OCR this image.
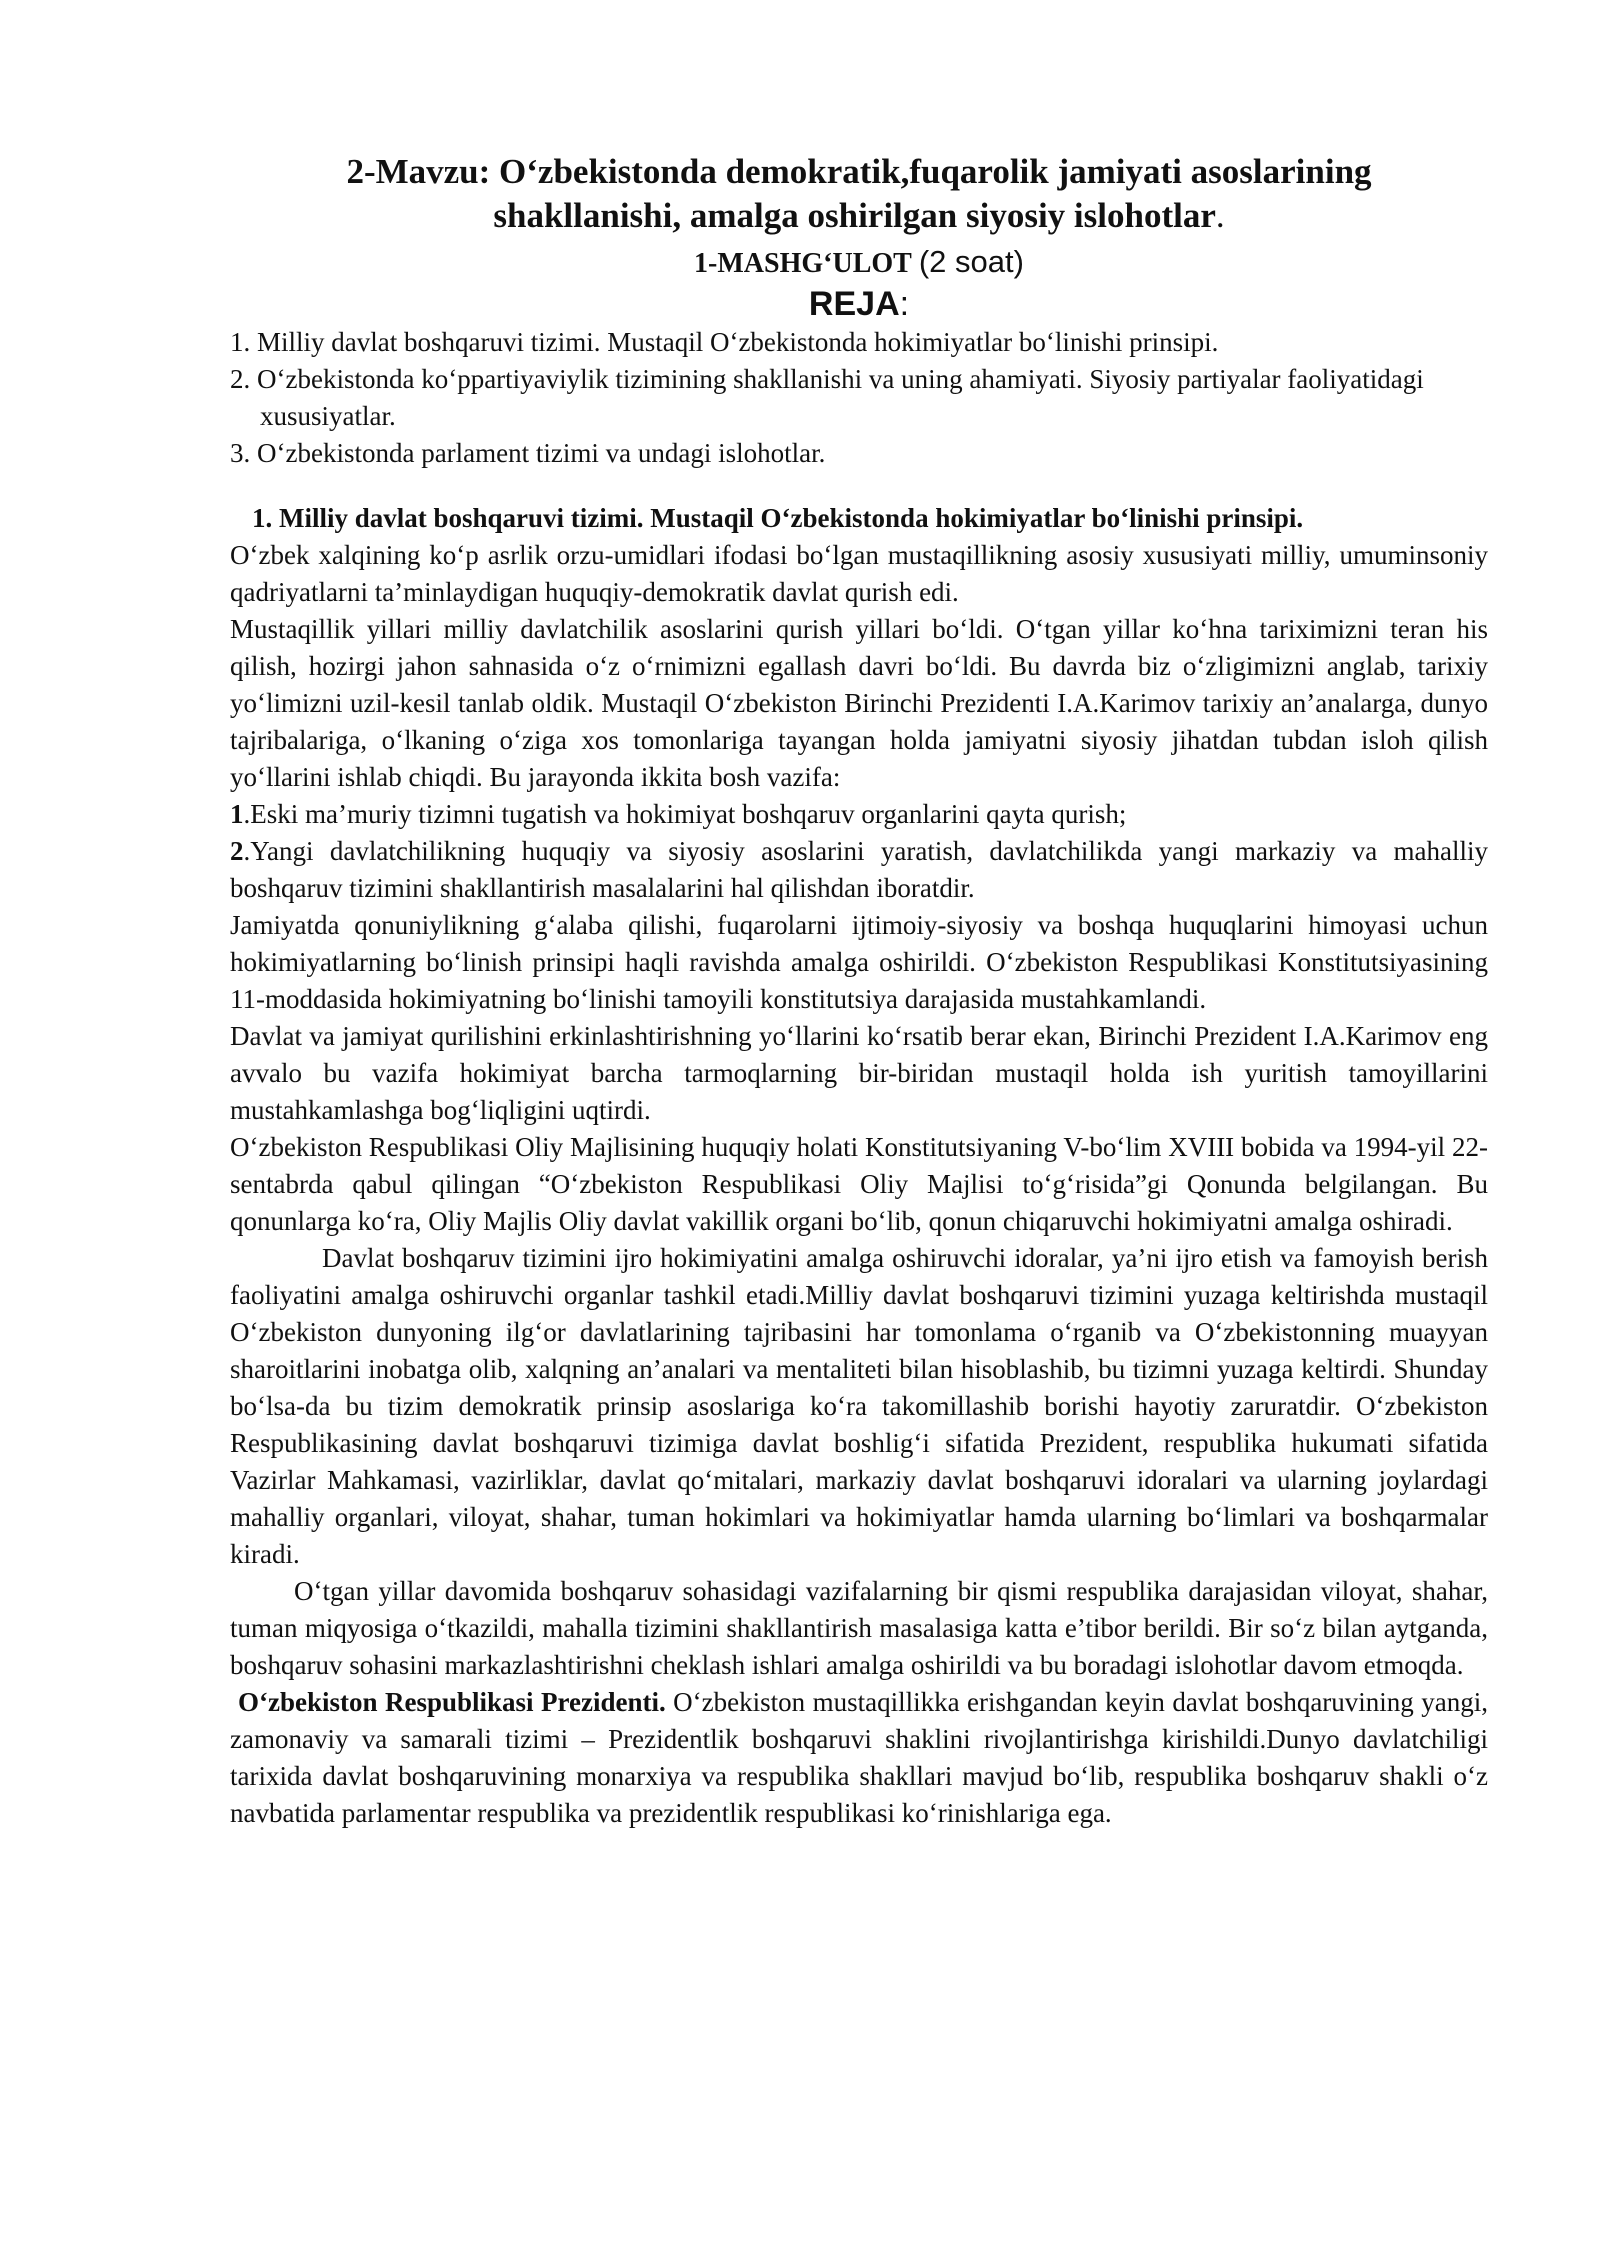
2-Mavzu: O‘zbekistonda demokratik,fuqarolik jamiyati asoslarining shakllanishi, amalga oshirilgan siyosiy islohotlar.
1-MASHG‘ULOT (2 soat)
REJA:
1. Milliy davlat boshqaruvi tizimi. Mustaqil O‘zbekistonda hokimiyatlar bo‘linishi prinsipi.
2. O‘zbekistonda ko‘ppartiyaviylik tizimining shakllanishi va uning ahamiyati. Siyosiy partiyalar faoliyatidagi xususiyatlar.
3. O‘zbekistonda parlament tizimi va undagi islohotlar.

1. Milliy davlat boshqaruvi tizimi. Mustaqil O‘zbekistonda hokimiyatlar bo‘linishi prinsipi.

O‘zbek xalqining ko‘p asrlik orzu-umidlari ifodasi bo‘lgan mustaqillikning asosiy xususiyati milliy, umuminsoniy qadriyatlarni ta’minlaydigan huquqiy-demokratik davlat qurish edi.

Mustaqillik yillari milliy davlatchilik asoslarini qurish yillari bo‘ldi. O‘tgan yillar ko‘hna tariximizni teran his qilish, hozirgi jahon sahnasida o‘z o‘rnimizni egallash davri bo‘ldi. Bu davrda biz o‘zligimizni anglab, tarixiy yo‘limizni uzil-kesil tanlab oldik. Mustaqil O‘zbekiston Birinchi Prezidenti I.A.Karimov tarixiy an’analarga, dunyo tajribalariga, o‘lkaning o‘ziga xos tomonlariga tayangan holda jamiyatni siyosiy jihatdan tubdan isloh qilish yo‘llarini ishlab chiqdi. Bu jarayonda ikkita bosh vazifa:

1.Eski ma’muriy tizimni tugatish va hokimiyat boshqaruv organlarini qayta qurish;

2.Yangi davlatchilikning huquqiy va siyosiy asoslarini yaratish, davlatchilikda yangi markaziy va mahalliy boshqaruv tizimini shakllantirish masalalarini hal qilishdan iboratdir.

Jamiyatda qonuniylikning g‘alaba qilishi, fuqarolarni ijtimoiy-siyosiy va boshqa huquqlarini himoyasi uchun hokimiyatlarning bo‘linish prinsipi haqli ravishda amalga oshirildi. O‘zbekiston Respublikasi Konstitutsiyasining 11-moddasida hokimiyatning bo‘linishi tamoyili konstitutsiya darajasida mustahkamlandi.

Davlat va jamiyat qurilishini erkinlashtirishning yo‘llarini ko‘rsatib berar ekan, Birinchi Prezident I.A.Karimov eng avvalo bu vazifa hokimiyat barcha tarmoqlarning bir-biridan mustaqil holda ish yuritish tamoyillarini mustahkamlashga bog‘liqligini uqtirdi.

O‘zbekiston Respublikasi Oliy Majlisining huquqiy holati Konstitutsiyaning V-bo‘lim XVIII bobida va 1994-yil 22-sentabrda qabul qilingan “O‘zbekiston Respublikasi Oliy Majlisi to‘g‘risida”gi Qonunda belgilangan. Bu qonunlarga ko‘ra, Oliy Majlis Oliy davlat vakillik organi bo‘lib, qonun chiqaruvchi hokimiyatni amalga oshiradi.

Davlat boshqaruv tizimini ijro hokimiyatini amalga oshiruvchi idoralar, ya’ni ijro etish va famoyish berish faoliyatini amalga oshiruvchi organlar tashkil etadi.Milliy davlat boshqaruvi tizimini yuzaga keltirishda mustaqil O‘zbekiston dunyoning ilg‘or davlatlarining tajribasini har tomonlama o‘rganib va O‘zbekistonning muayyan sharoitlarini inobatga olib, xalqning an’analari va mentaliteti bilan hisoblashib, bu tizimni yuzaga keltirdi. Shunday bo‘lsa-da bu tizim demokratik prinsip asoslariga ko‘ra takomillashib borishi hayotiy zaruratdir. O‘zbekiston Respublikasining davlat boshqaruvi tizimiga davlat boshlig‘i sifatida Prezident, respublika hukumati sifatida Vazirlar Mahkamasi, vazirliklar, davlat qo‘mitalari, markaziy davlat boshqaruvi idoralari va ularning joylardagi mahalliy organlari, viloyat, shahar, tuman hokimlari va hokimiyatlar hamda ularning bo‘limlari va boshqarmalar kiradi.

O‘tgan yillar davomida boshqaruv sohasidagi vazifalarning bir qismi respublika darajasidan viloyat, shahar, tuman miqyosiga o‘tkazildi, mahalla tizimini shakllantirish masalasiga katta e’tibor berildi. Bir so‘z bilan aytganda, boshqaruv sohasini markazlashtirishni cheklash ishlari amalga oshirildi va bu boradagi islohotlar davom etmoqda.

O‘zbekiston Respublikasi Prezidenti. O‘zbekiston mustaqillikka erishgandan keyin davlat boshqaruvining yangi, zamonaviy va samarali tizimi – Prezidentlik boshqaruvi shaklini rivojlantirishga kirishildi.Dunyo davlatchiligi tarixida davlat boshqaruvining monarxiya va respublika shakllari mavjud bo‘lib, respublika boshqaruv shakli o‘z navbatida parlamentar respublika va prezidentlik respublikasi ko‘rinishlariga ega.
